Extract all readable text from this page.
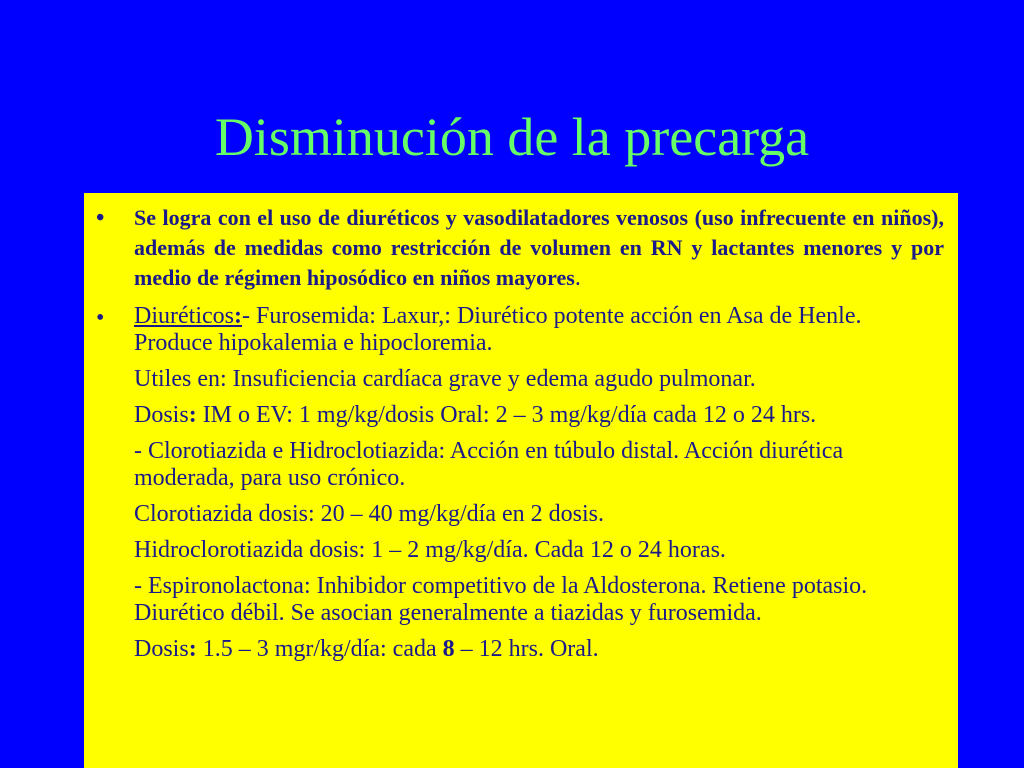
Disminución de la precarga
• Se logra con el uso de diuréticos y vasodilatadores venosos (uso infrecuente en niños), además de medidas como restricción de volumen en RN y lactantes menores y por medio de régimen hiposódico en niños mayores.
• Diuréticos:- Furosemida: Laxur,: Diurético potente acción en Asa de Henle. Produce hipokalemia e hipocloremia.

Utiles en: Insuficiencia cardíaca grave y edema agudo pulmonar.

Dosis: IM o EV: 1 mg/kg/dosis Oral: 2 – 3 mg/kg/día cada 12 o 24 hrs.

- Clorotiazida e Hidroclotiazida: Acción en túbulo distal. Acción diurética moderada, para uso crónico.

Clorotiazida dosis: 20 – 40 mg/kg/día en 2 dosis.

Hidroclorotiazida dosis: 1 – 2 mg/kg/día. Cada 12 o 24 horas.

- Espironolactona: Inhibidor competitivo de la Aldosterona. Retiene potasio. Diurético débil. Se asocian generalmente a tiazidas y furosemida.

Dosis: 1.5 – 3 mgr/kg/día: cada 8 – 12 hrs. Oral.
